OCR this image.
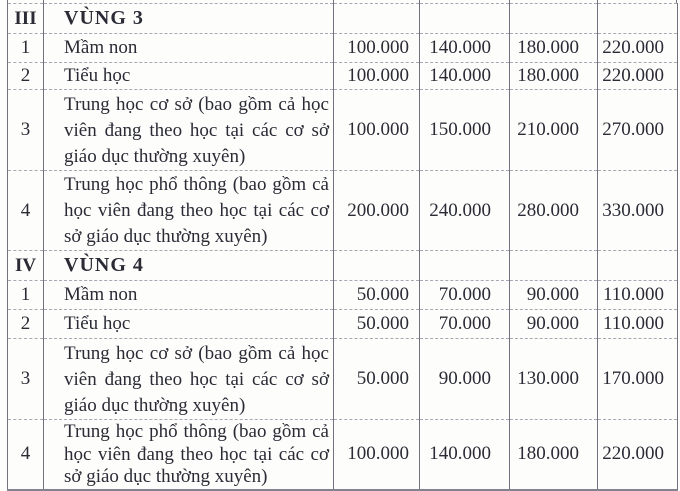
III	VÙNG 3				
1	Mầm non	100.000	140.000	180.000	220.000
2	Tiểu học	100.000	140.000	180.000	220.000
3	Trung học cơ sở (bao gồm cả học viên đang theo học tại các cơ sở giáo dục thường xuyên)	100.000	150.000	210.000	270.000
4	Trung học phổ thông (bao gồm cả học viên đang theo học tại các cơ sở giáo dục thường xuyên)	200.000	240.000	280.000	330.000
IV	VÙNG 4				
1	Mầm non	50.000	70.000	90.000	110.000
2	Tiểu học	50.000	70.000	90.000	110.000
3	Trung học cơ sở (bao gồm cả học viên đang theo học tại các cơ sở giáo dục thường xuyên)	50.000	90.000	130.000	170.000
4	Trung học phổ thông (bao gồm cả học viên đang theo học tại các cơ sở giáo dục thường xuyên)	100.000	140.000	180.000	220.000
